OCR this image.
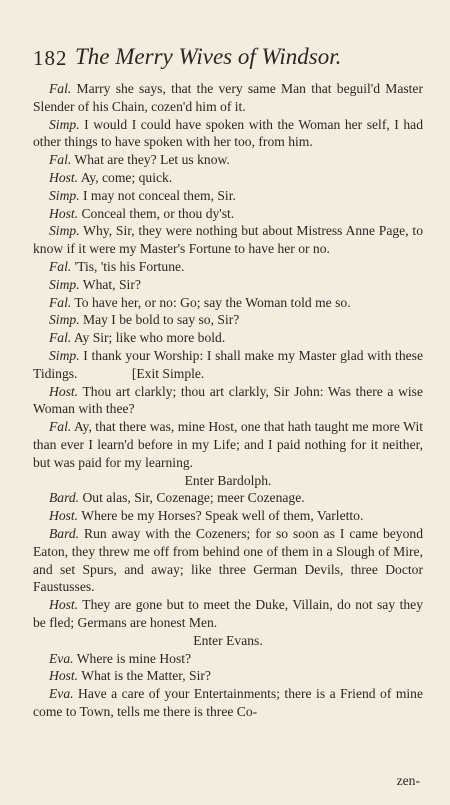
182 The Merry Wives of Windsor.

Fal. Marry she says, that the very same Man that beguil'd Master Slender of his Chain, cozen'd him of it.

Simp. I would I could have spoken with the Woman her self, I had other things to have spoken with her too, from him.

Fal. What are they? Let us know.

Host. Ay, come; quick.

Simp. I may not conceal them, Sir.

Host. Conceal them, or thou dy'st.

Simp. Why, Sir, they were nothing but about Mistress Anne Page, to know if it were my Master's Fortune to have her or no.

Fal. 'Tis, 'tis his Fortune.

Simp. What, Sir?

Fal. To have her, or no: Go; say the Woman told me so.

Simp. May I be bold to say so, Sir?

Fal. Ay Sir; like who more bold.

Simp. I thank your Worship: I shall make my Master glad with these Tidings.                [Exit Simple.

Host. Thou art clarkly; thou art clarkly, Sir John: Was there a wise Woman with thee?

Fal. Ay, that there was, mine Host, one that hath taught me more Wit than ever I learn'd before in my Life; and I paid nothing for it neither, but was paid for my learning.

Enter Bardolph.

Bard. Out alas, Sir, Cozenage; meer Cozenage.

Host. Where be my Horses? Speak well of them, Varletto.

Bard. Run away with the Cozeners; for so soon as I came beyond Eaton, they threw me off from behind one of them in a Slough of Mire, and set Spurs, and away; like three German Devils, three Doctor Faustusses.

Host. They are gone but to meet the Duke, Villain, do not say they be fled; Germans are honest Men.

Enter Evans.

Eva. Where is mine Host?

Host. What is the Matter, Sir?

Eva. Have a care of your Entertainments; there is a Friend of mine come to Town, tells me there is three Co-

zen-
